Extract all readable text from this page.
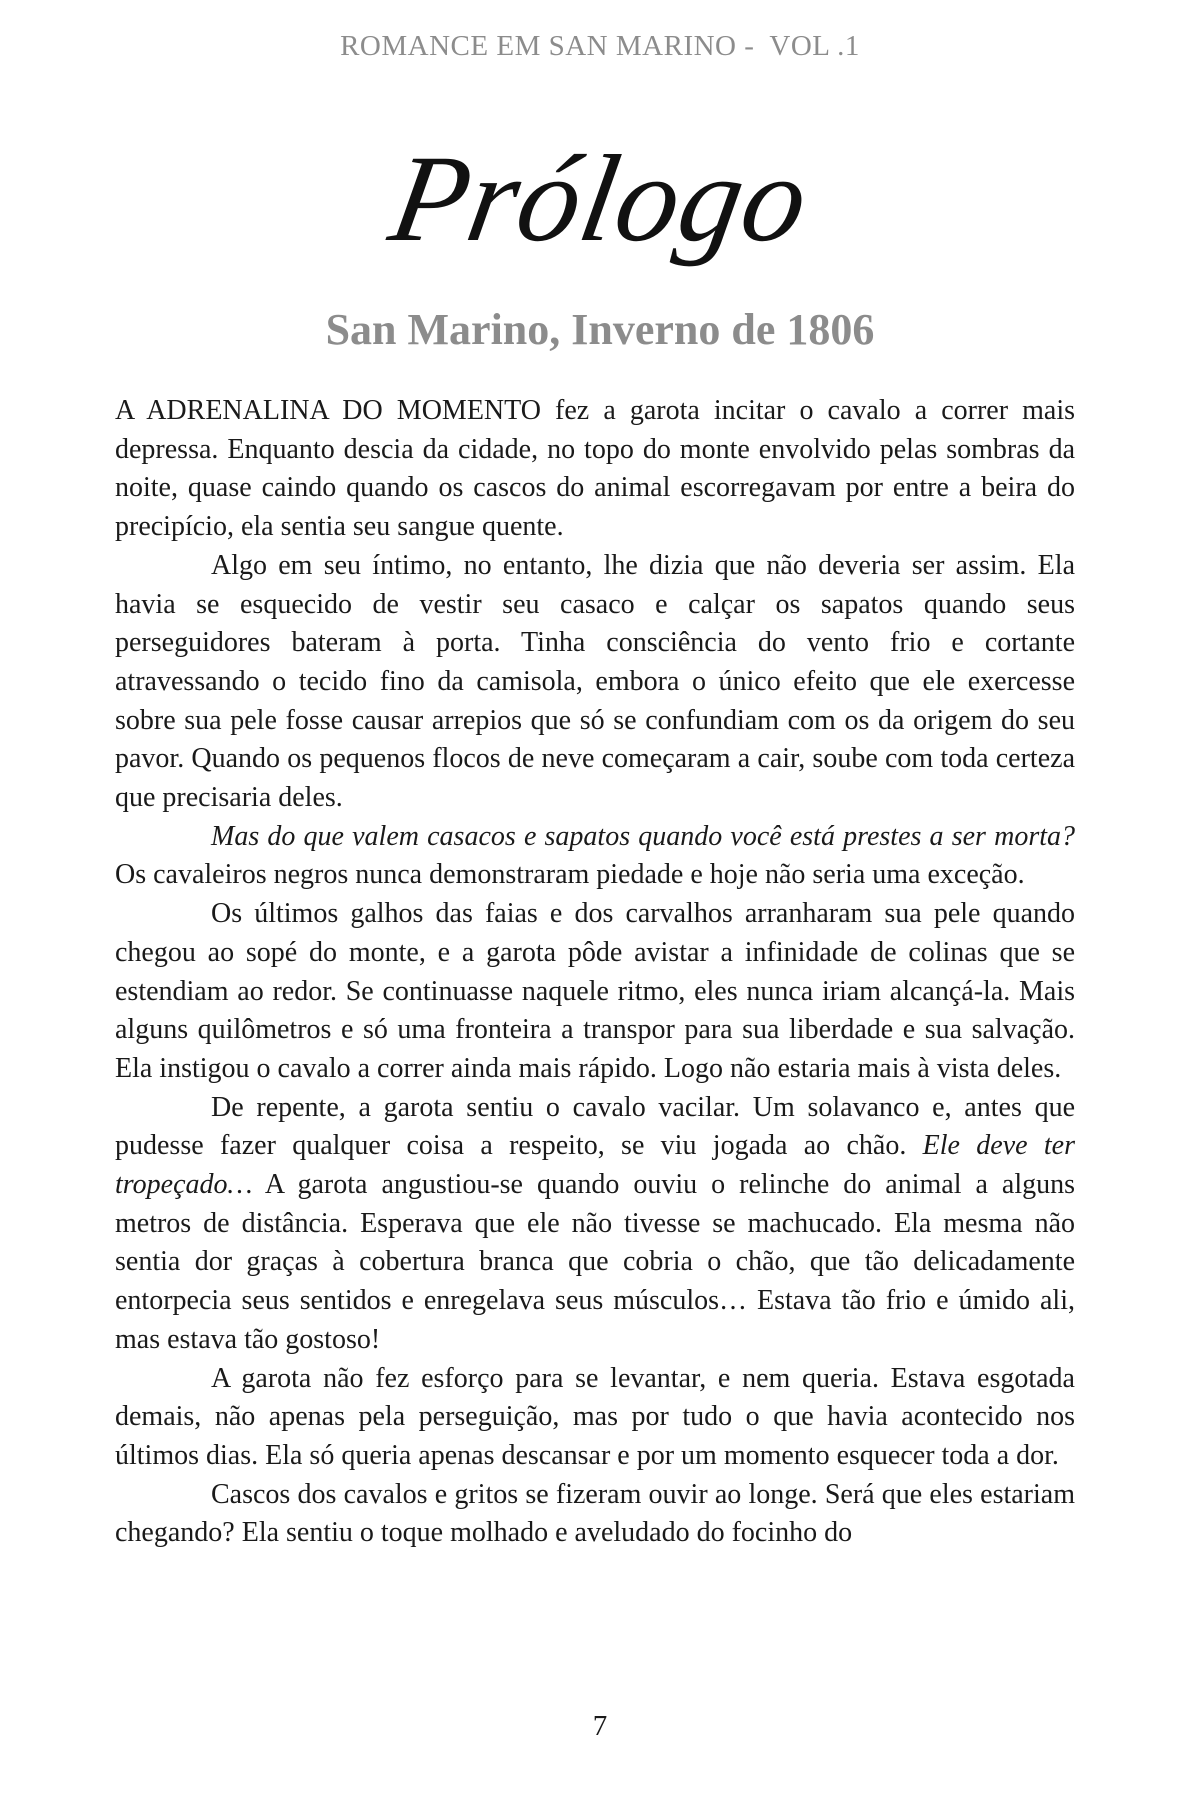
ROMANCE EM SAN MARINO -  VOL .1
Prólogo
San Marino, Inverno de 1806

A ADRENALINA DO MOMENTO fez a garota incitar o cavalo a correr mais depressa. Enquanto descia da cidade, no topo do monte envolvido pelas sombras da noite, quase caindo quando os cascos do animal escorregavam por entre a beira do precipício, ela sentia seu sangue quente.

Algo em seu íntimo, no entanto, lhe dizia que não deveria ser assim. Ela havia se esquecido de vestir seu casaco e calçar os sapatos quando seus perseguidores bateram à porta. Tinha consciência do vento frio e cortante atravessando o tecido fino da camisola, embora o único efeito que ele exercesse sobre sua pele fosse causar arrepios que só se confundiam com os da origem do seu pavor. Quando os pequenos flocos de neve começaram a cair, soube com toda certeza que precisaria deles.

Mas do que valem casacos e sapatos quando você está prestes a ser morta? Os cavaleiros negros nunca demonstraram piedade e hoje não seria uma exceção.

Os últimos galhos das faias e dos carvalhos arranharam sua pele quando chegou ao sopé do monte, e a garota pôde avistar a infinidade de colinas que se estendiam ao redor. Se continuasse naquele ritmo, eles nunca iriam alcançá-la. Mais alguns quilômetros e só uma fronteira a transpor para sua liberdade e sua salvação. Ela instigou o cavalo a correr ainda mais rápido. Logo não estaria mais à vista deles.

De repente, a garota sentiu o cavalo vacilar. Um solavanco e, antes que pudesse fazer qualquer coisa a respeito, se viu jogada ao chão. Ele deve ter tropeçado… A garota angustiou-se quando ouviu o relinche do animal a alguns metros de distância. Esperava que ele não tivesse se machucado. Ela mesma não sentia dor graças à cobertura branca que cobria o chão, que tão delicadamente entorpecia seus sentidos e enregelava seus músculos… Estava tão frio e úmido ali, mas estava tão gostoso!

A garota não fez esforço para se levantar, e nem queria. Estava esgotada demais, não apenas pela perseguição, mas por tudo o que havia acontecido nos últimos dias. Ela só queria apenas descansar e por um momento esquecer toda a dor.

Cascos dos cavalos e gritos se fizeram ouvir ao longe. Será que eles estariam chegando? Ela sentiu o toque molhado e aveludado do focinho do

7
